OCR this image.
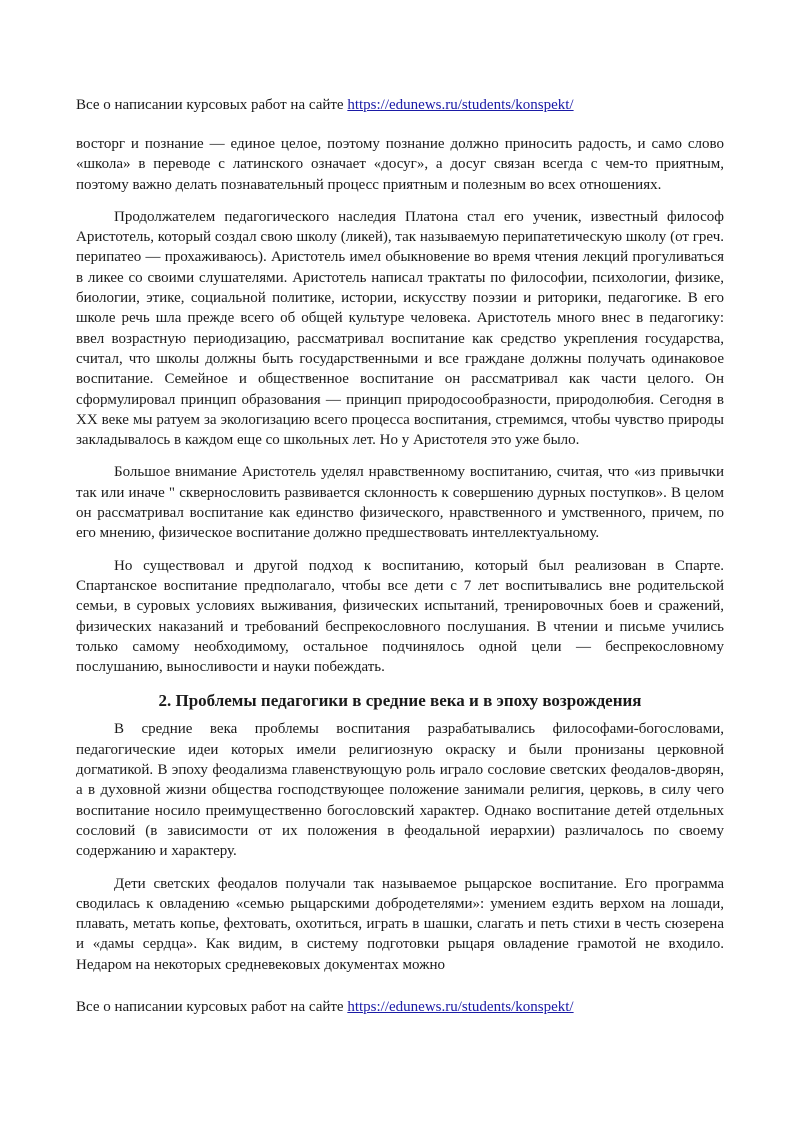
Все о написании курсовых работ на сайте https://edunews.ru/students/konspekt/

восторг и познание — единое целое, поэтому познание должно приносить радость, и само слово «школа» в переводе с латинского означает «досуг», а досуг связан всегда с чем-то приятным, поэтому важно делать познавательный процесс приятным и полезным во всех отношениях.

Продолжателем педагогического наследия Платона стал его ученик, известный философ Аристотель, который создал свою школу (ликей), так называемую перипатетическую школу (от греч. перипатео — прохаживаюсь). Аристотель имел обыкновение во время чтения лекций прогуливаться в ликее со своими слушателями. Аристотель написал трактаты по философии, психологии, физике, биологии, этике, социальной политике, истории, искусству поэзии и риторики, педагогике. В его школе речь шла прежде всего об общей культуре человека. Аристотель много внес в педагогику: ввел возрастную периодизацию, рассматривал воспитание как средство укрепления государства, считал, что школы должны быть государственными и все граждане должны получать одинаковое воспитание. Семейное и общественное воспитание он рассматривал как части целого. Он сформулировал принцип образования — принцип природосообразности, природолюбия. Сегодня в XX веке мы ратуем за экологизацию всего процесса воспитания, стремимся, чтобы чувство природы закладывалось в каждом еще со школьных лет. Но у Аристотеля это уже было.

Большое внимание Аристотель уделял нравственному воспитанию, считая, что «из привычки так или иначе " сквернословить развивается склонность к совершению дурных поступков». В целом он рассматривал воспитание как единство физического, нравственного и умственного, причем, по его мнению, физическое воспитание должно предшествовать интеллектуальному.

Но существовал и другой подход к воспитанию, который был реализован в Спарте. Спартанское воспитание предполагало, чтобы все дети с 7 лет воспитывались вне родительской семьи, в суровых условиях выживания, физических испытаний, тренировочных боев и сражений, физических наказаний и требований беспрекословного послушания. В чтении и письме учились только самому необходимому, остальное подчинялось одной цели — беспрекословному послушанию, выносливости и науки побеждать.

2. Проблемы педагогики в средние века и в эпоху возрождения

В средние века проблемы воспитания разрабатывались философами-богословами, педагогические идеи которых имели религиозную окраску и были пронизаны церковной догматикой. В эпоху феодализма главенствующую роль играло сословие светских феодалов-дворян, а в духовной жизни общества господствующее положение занимали религия, церковь, в силу чего воспитание носило преимущественно богословский характер. Однако воспитание детей отдельных сословий (в зависимости от их положения в феодальной иерархии) различалось по своему содержанию и характеру.

Дети светских феодалов получали так называемое рыцарское воспитание. Его программа сводилась к овладению «семью рыцарскими добродетелями»: умением ездить верхом на лошади, плавать, метать копье, фехтовать, охотиться, играть в шашки, слагать и петь стихи в честь сюзерена и «дамы сердца». Как видим, в систему подготовки рыцаря овладение грамотой не входило. Недаром на некоторых средневековых документах можно

Все о написании курсовых работ на сайте https://edunews.ru/students/konspekt/
